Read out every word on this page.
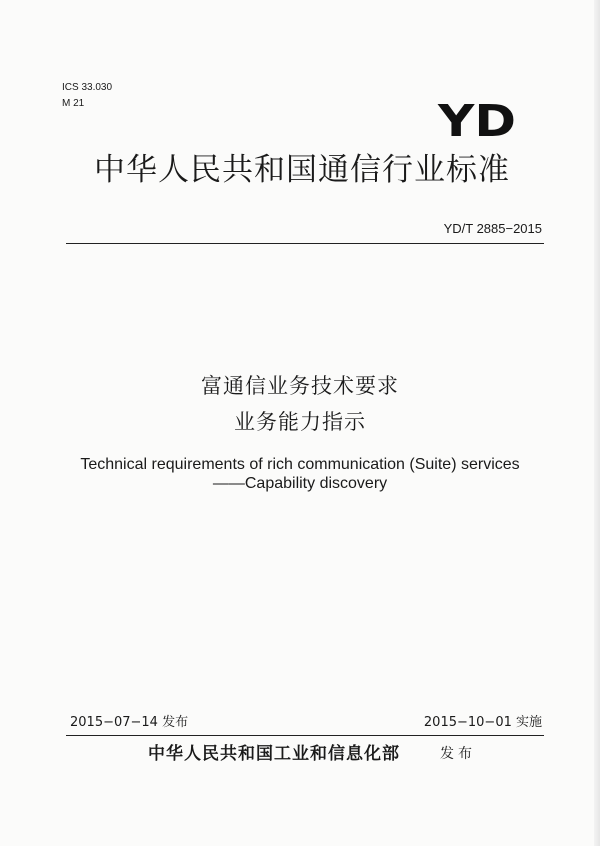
ICS 33.030
M 21	YD
中华人民共和国通信行业标准
YD/T 2885−2015
富通信业务技术要求
业务能力指示
Technical requirements of rich communication (Suite) services
——Capability discovery
2015−07−14 发布	2015−10−01 实施
中华人民共和国工业和信息化部	发布
